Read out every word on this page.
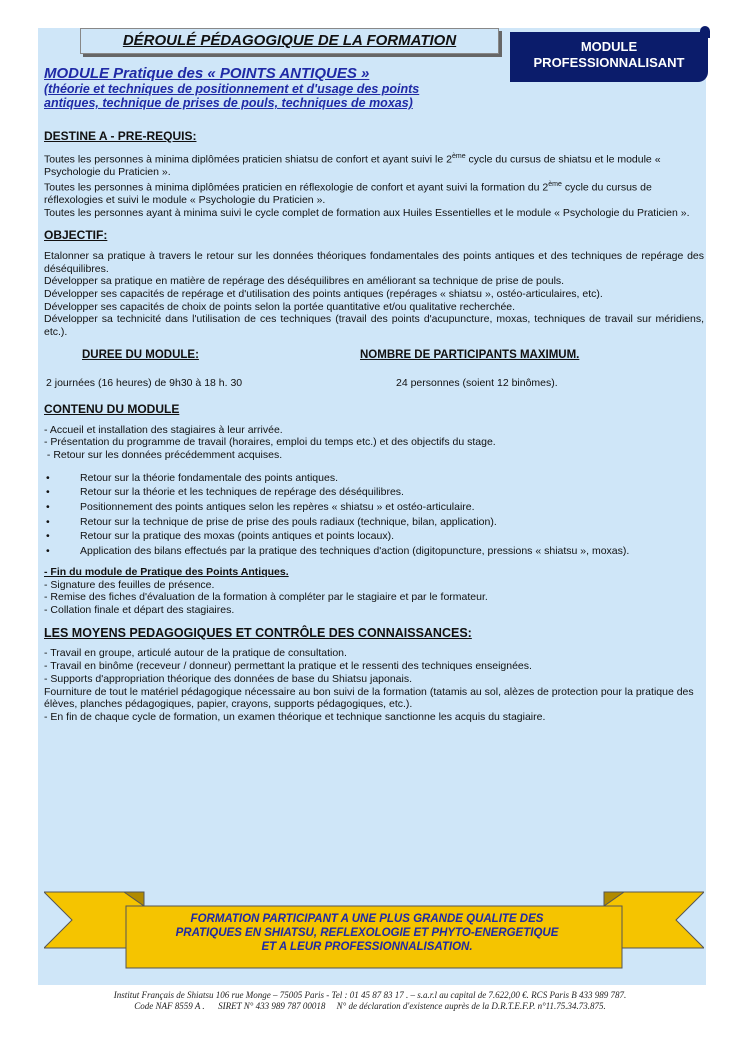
DÉROULÉ PÉDAGOGIQUE DE LA FORMATION	MODULE
PROFESSIONNALISANT
MODULE Pratique des « POINTS ANTIQUES »
(théorie et techniques de positionnement et d'usage des points
antiques, technique de prises de pouls, techniques de moxas)
DESTINE A - PRE-REQUIS:

Toutes les personnes à minima diplômées praticien shiatsu de confort et ayant suivi le 2ème cycle du cursus de shiatsu et le module « Psychologie du Praticien ».

Toutes les personnes à minima diplômées praticien en réflexologie de confort et ayant suivi la formation du 2ème cycle du cursus de réflexologies et suivi le module « Psychologie du Praticien ».

Toutes les personnes ayant à minima suivi le cycle complet de formation aux Huiles Essentielles et le module « Psychologie du Praticien ».

OBJECTIF:

Etalonner sa pratique à travers le retour sur les données théoriques fondamentales des points antiques et des techniques de repérage des déséquilibres.

Développer sa pratique en matière de repérage des déséquilibres en améliorant sa technique de prise de pouls.

Développer ses capacités de repérage et d'utilisation des points antiques (repérages « shiatsu », ostéo-articulaires, etc).

Développer ses capacités de choix de points selon la portée quantitative et/ou qualitative recherchée.

Développer sa technicité dans l'utilisation de ces techniques (travail des points d'acupuncture, moxas, techniques de travail sur méridiens, etc.).

DUREE DU MODULE:
2 journées (16 heures) de 9h30 à 18 h. 30
NOMBRE DE PARTICIPANTS MAXIMUM.
24 personnes (soient 12 binômes).
CONTENU DU MODULE

- Accueil et installation des stagiaires à leur arrivée.

- Présentation du programme de travail (horaires, emploi du temps etc.) et des objectifs du stage.

- Retour sur les données précédemment acquises.

• Retour sur la théorie fondamentale des points antiques.
• Retour sur la théorie et les techniques de repérage des déséquilibres.
• Positionnement des points antiques selon les repères « shiatsu » et ostéo-articulaire.
• Retour sur la technique de prise de prise des pouls radiaux (technique, bilan, application).
• Retour sur la pratique des moxas (points antiques et points locaux).
• Application des bilans effectués par la pratique des techniques d'action (digitopuncture, pressions « shiatsu », moxas).

- Fin du module de Pratique des Points Antiques.

- Signature des feuilles de présence.

- Remise des fiches d'évaluation de la formation à compléter par le stagiaire et par le formateur.

- Collation finale et départ des stagiaires.

LES MOYENS PEDAGOGIQUES ET CONTRÔLE DES CONNAISSANCES:

- Travail en groupe, articulé autour de la pratique de consultation.

- Travail en binôme (receveur / donneur) permettant la pratique et le ressenti des techniques enseignées.

- Supports d'appropriation théorique des données de base du Shiatsu japonais.

Fourniture de tout le matériel pédagogique nécessaire au bon suivi de la formation (tatamis au sol, alèzes de protection pour la pratique des élèves, planches pédagogiques, papier, crayons, supports pédagogiques, etc.).

- En fin de chaque cycle de formation, un examen théorique et technique sanctionne les acquis du stagiaire.

FORMATION PARTICIPANT A UNE PLUS GRANDE QUALITE DES
PRATIQUES EN SHIATSU, REFLEXOLOGIE ET PHYTO-ENERGETIQUE
ET A LEUR PROFESSIONNALISATION.
Institut Français de Shiatsu 106 rue Monge – 75005 Paris - Tel : 01 45 87 83 17 . – s.a.r.l au capital de 7.622,00 €. RCS Paris B 433 989 787.
Code NAF 8559 A .      SIRET N° 433 989 787 00018     N° de déclaration d'existence auprès de la D.R.T.E.F.P. n°11.75.34.73.875.
